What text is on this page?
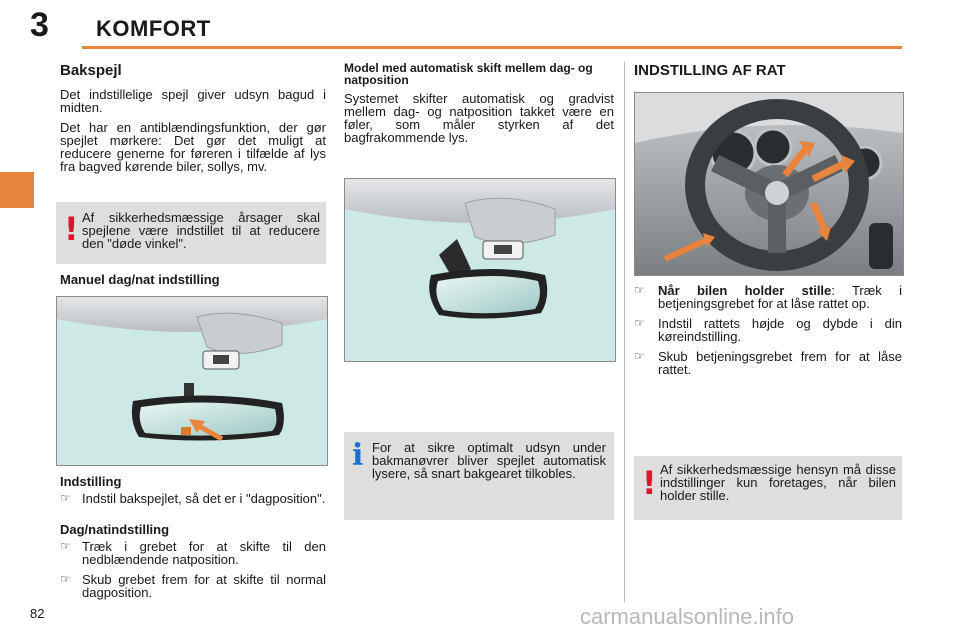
3 KOMFORT
Bakspejl

Det indstillelige spejl giver udsyn bagud i midten.

Det har en antiblændingsfunktion, der gør spejlet mørkere: Det gør det muligt at reducere generne for føreren i tilfælde af lys fra bagved kørende biler, sollys, mv.

! Af sikkerhedsmæssige årsager skal spejlene være indstillet til at reducere den "døde vinkel".
Manuel dag/nat indstilling
Indstilling
☞ Indstil bakspejlet, så det er i "dagposition".
Dag/natindstilling
☞ Træk i grebet for at skifte til den nedblændende natposition.
☞ Skub grebet frem for at skifte til normal dagposition.
82
Model med automatisk skift mellem dag- og natposition
Systemet skifter automatisk og gradvist mellem dag- og natposition takket være en føler, som måler styrken af det bagfrakommende lys.
i For at sikre optimalt udsyn under bakmanøvrer bliver spejlet automatisk lysere, så snart bakgearet tilkobles.
INDSTILLING AF RAT
☞ Når bilen holder stille: Træk i betjeningsgrebet for at låse rattet op.
☞ Indstil rattets højde og dybde i din køreindstilling.
☞ Skub betjeningsgrebet frem for at låse rattet.
! Af sikkerhedsmæssige hensyn må disse indstillinger kun foretages, når bilen holder stille.
carmanualsonline.info
